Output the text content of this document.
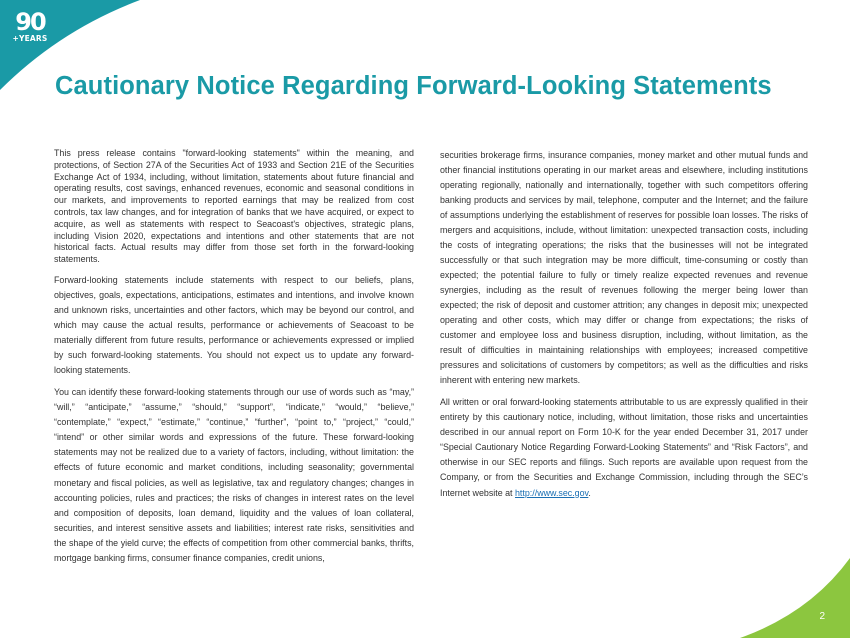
90
+YEARS
Cautionary Notice Regarding Forward-Looking Statements

This press release contains "forward-looking statements" within the meaning, and protections, of Section 27A of the Securities Act of 1933 and Section 21E of the Securities Exchange Act of 1934, including, without limitation, statements about future financial and operating results, cost savings, enhanced revenues, economic and seasonal conditions in our markets, and improvements to reported earnings that may be realized from cost controls, tax law changes, and for integration of banks that we have acquired, or expect to acquire, as well as statements with respect to Seacoast's objectives, strategic plans, including Vision 2020, expectations and intentions and other statements that are not historical facts. Actual results may differ from those set forth in the forward-looking statements.

Forward-looking statements include statements with respect to our beliefs, plans, objectives, goals, expectations, anticipations, estimates and intentions, and involve known and unknown risks, uncertainties and other factors, which may be beyond our control, and which may cause the actual results, performance or achievements of Seacoast to be materially different from future results, performance or achievements expressed or implied by such forward-looking statements. You should not expect us to update any forward-looking statements.

You can identify these forward-looking statements through our use of words such as “may,” “will,” “anticipate,” “assume,” “should,” “support”, “indicate,” “would,” “believe,” “contemplate,” “expect,” “estimate,” “continue,” “further”, “point to,” “project,” “could,” “intend” or other similar words and expressions of the future. These forward-looking statements may not be realized due to a variety of factors, including, without limitation: the effects of future economic and market conditions, including seasonality; governmental monetary and fiscal policies, as well as legislative, tax and regulatory changes; changes in accounting policies, rules and practices; the risks of changes in interest rates on the level and composition of deposits, loan demand, liquidity and the values of loan collateral, securities, and interest sensitive assets and liabilities; interest rate risks, sensitivities and the shape of the yield curve; the effects of competition from other commercial banks, thrifts, mortgage banking firms, consumer finance companies, credit unions,

securities brokerage firms, insurance companies, money market and other mutual funds and other financial institutions operating in our market areas and elsewhere, including institutions operating regionally, nationally and internationally, together with such competitors offering banking products and services by mail, telephone, computer and the Internet; and the failure of assumptions underlying the establishment of reserves for possible loan losses. The risks of mergers and acquisitions, include, without limitation: unexpected transaction costs, including the costs of integrating operations; the risks that the businesses will not be integrated successfully or that such integration may be more difficult, time-consuming or costly than expected; the potential failure to fully or timely realize expected revenues and revenue synergies, including as the result of revenues following the merger being lower than expected; the risk of deposit and customer attrition; any changes in deposit mix; unexpected operating and other costs, which may differ or change from expectations; the risks of customer and employee loss and business disruption, including, without limitation, as the result of difficulties in maintaining relationships with employees; increased competitive pressures and solicitations of customers by competitors; as well as the difficulties and risks inherent with entering new markets.

All written or oral forward-looking statements attributable to us are expressly qualified in their entirety by this cautionary notice, including, without limitation, those risks and uncertainties described in our annual report on Form 10-K for the year ended December 31, 2017 under “Special Cautionary Notice Regarding Forward-Looking Statements” and “Risk Factors”, and otherwise in our SEC reports and filings. Such reports are available upon request from the Company, or from the Securities and Exchange Commission, including through the SEC’s Internet website at http://www.sec.gov.

2
